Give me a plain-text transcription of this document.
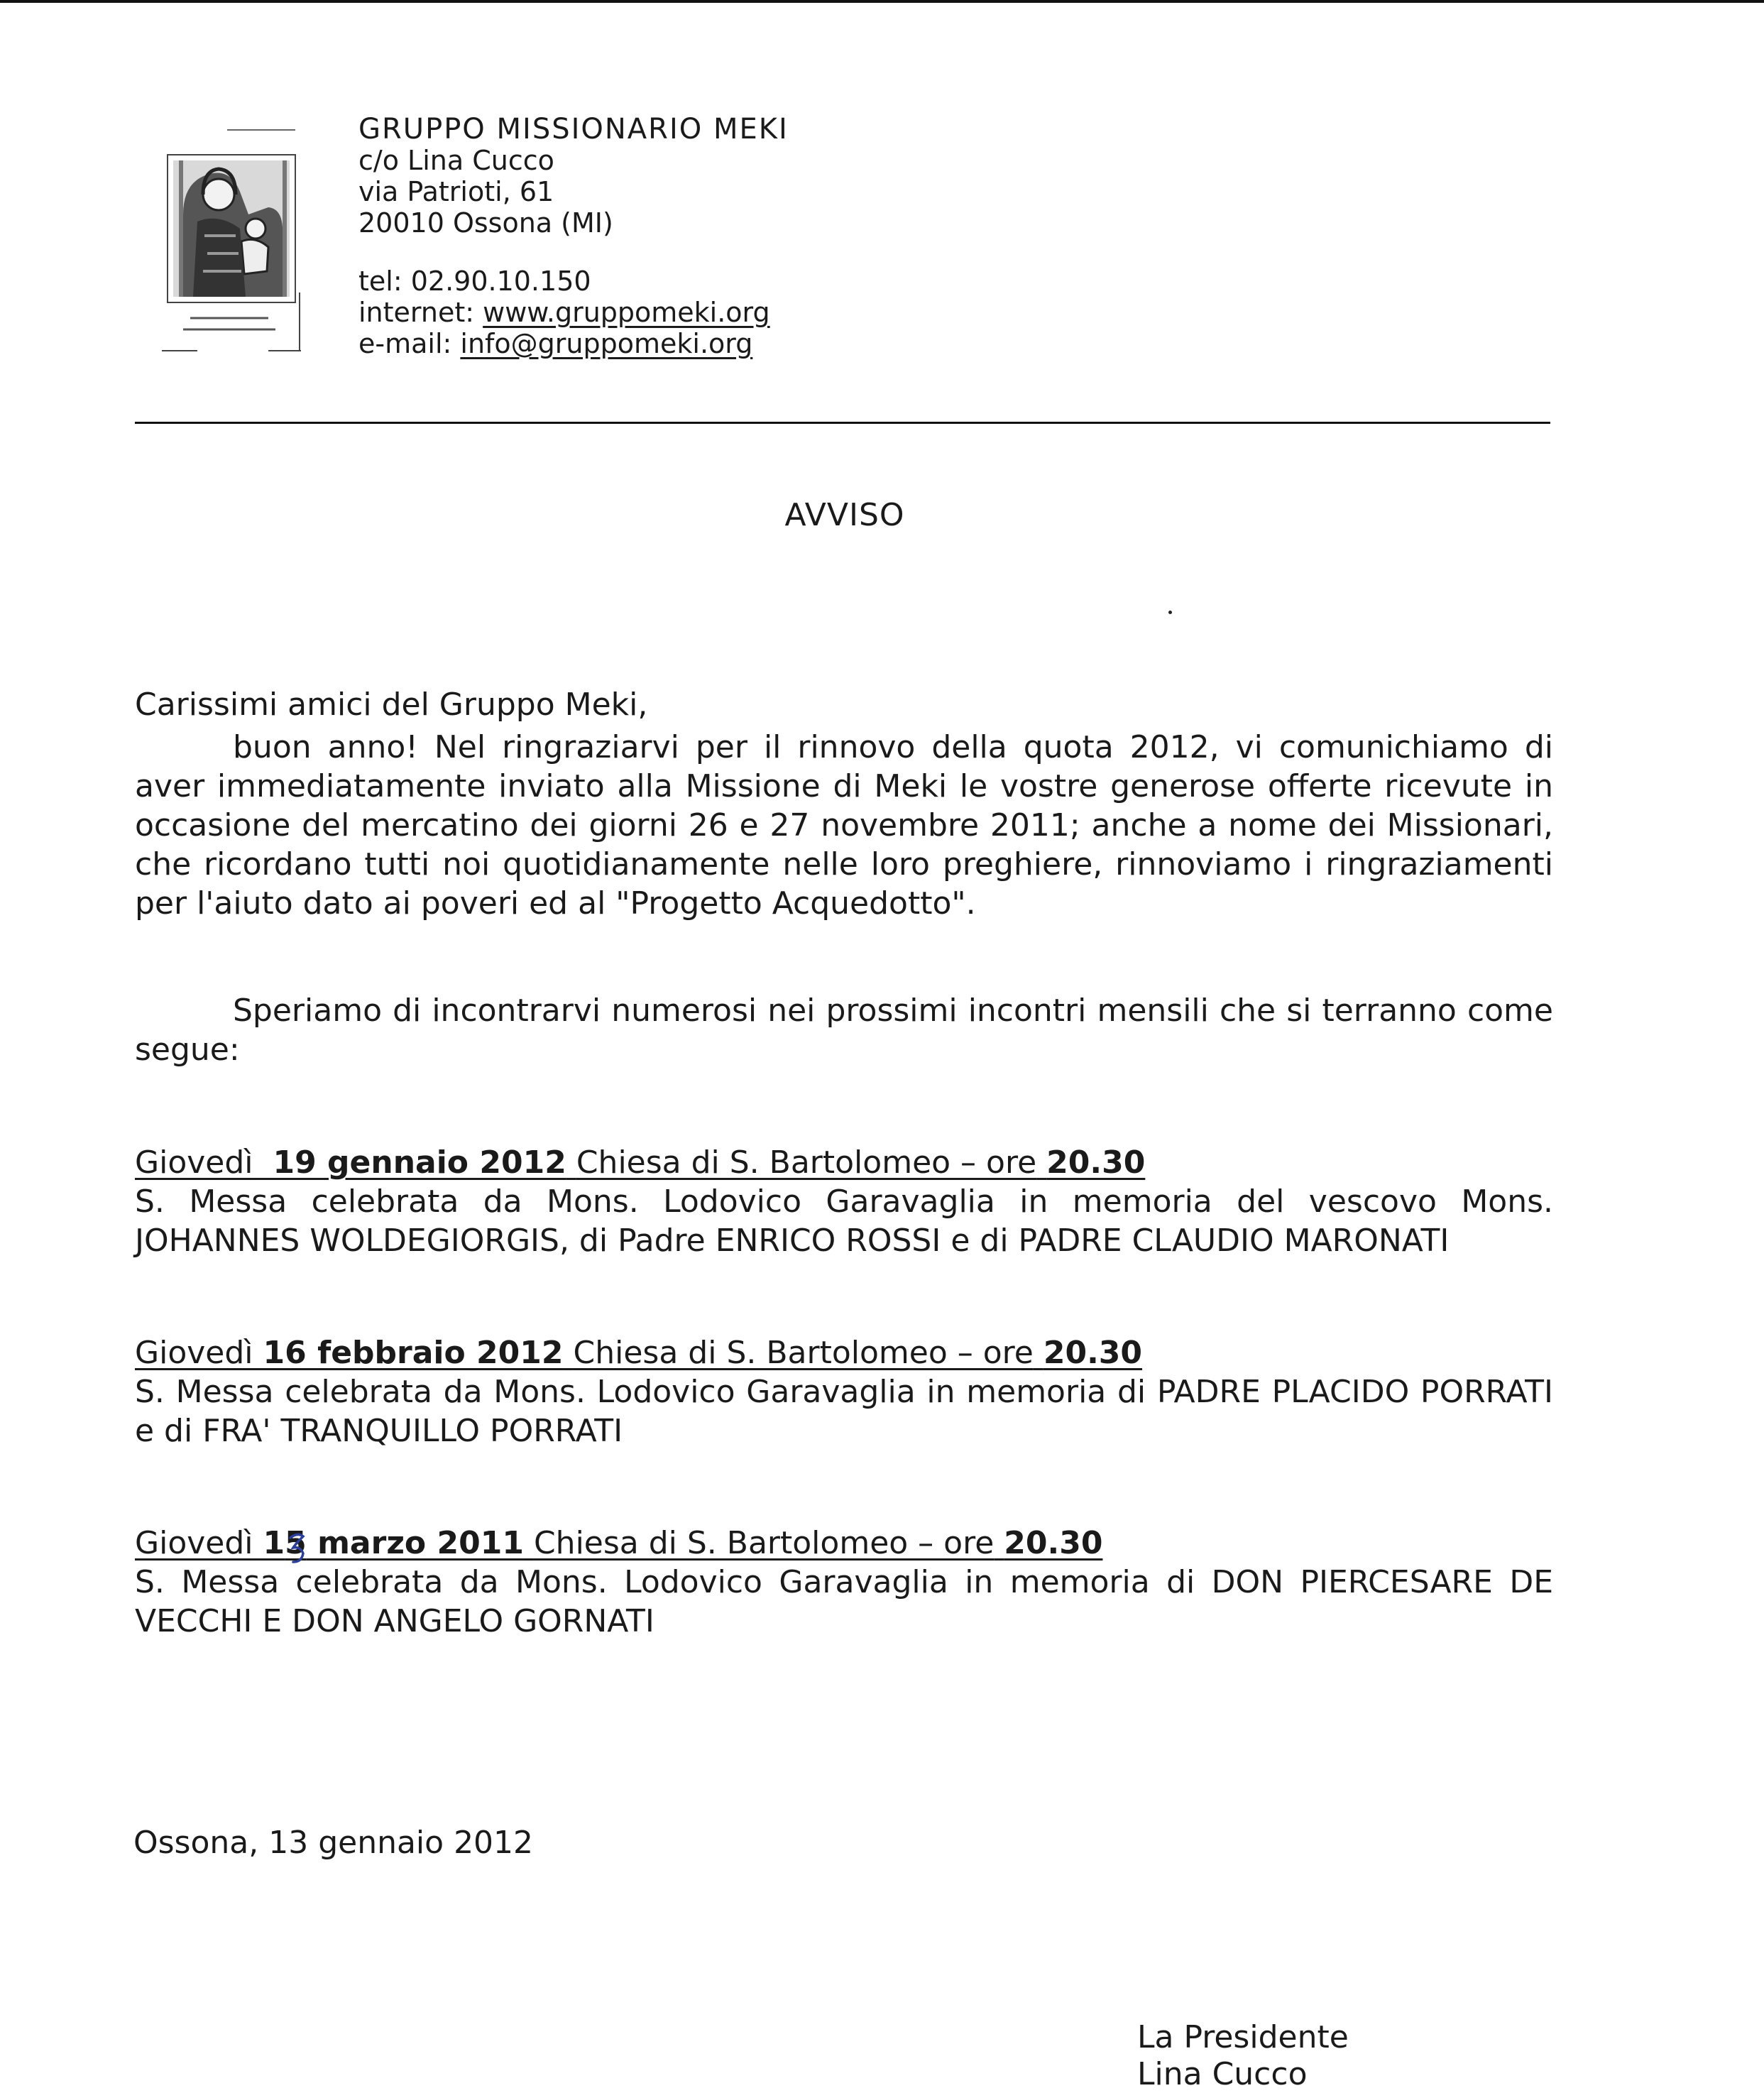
GRUPPO MISSIONARIO MEKI
c/o Lina Cucco
via Patrioti, 61
20010 Ossona (MI)
tel: 02.90.10.150
internet: www.gruppomeki.org
e-mail: info@gruppomeki.org
AVVISO
Carissimi amici del Gruppo Meki,

buon anno! Nel ringraziarvi per il rinnovo della quota 2012, vi comunichiamo di aver immediatamente inviato alla Missione di Meki le vostre generose offerte ricevute in occasione del mercatino dei giorni 26 e 27 novembre 2011; anche a nome dei Missionari, che ricordano tutti noi quotidianamente nelle loro preghiere, rinnoviamo i ringraziamenti per l'aiuto dato ai poveri ed al "Progetto Acquedotto".

Speriamo di incontrarvi numerosi nei prossimi incontri mensili che si terranno come segue:

Giovedì 19 gennaio 2012 Chiesa di S. Bartolomeo – ore 20.30
S. Messa celebrata da Mons. Lodovico Garavaglia in memoria del vescovo Mons. JOHANNES WOLDEGIORGIS, di Padre ENRICO ROSSI e di PADRE CLAUDIO MARONATI
Giovedì 16 febbraio 2012 Chiesa di S. Bartolomeo – ore 20.30
S. Messa celebrata da Mons. Lodovico Garavaglia in memoria di PADRE PLACIDO PORRATI e di FRA' TRANQUILLO PORRATI
Giovedì 15
marzo 2011 Chiesa di S. Bartolomeo – ore 20.30
S. Messa celebrata da Mons. Lodovico Garavaglia in memoria di DON PIERCESARE DE VECCHI E DON ANGELO GORNATI
Ossona, 13 gennaio 2012
La Presidente
Lina Cucco
